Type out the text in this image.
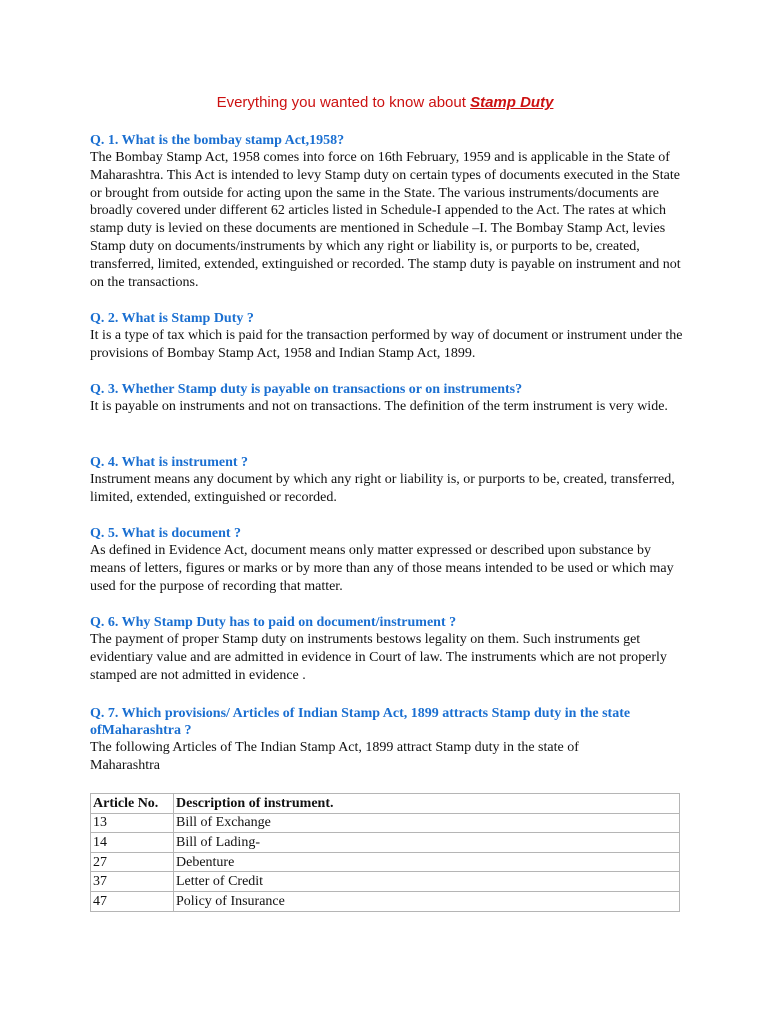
Everything you wanted to know about Stamp Duty
Q. 1. What is the bombay stamp Act,1958?

The Bombay Stamp Act, 1958 comes into force on 16th February, 1959 and is applicable in the State of Maharashtra. This Act is intended to levy Stamp duty on certain types of documents executed in the State or brought from outside for acting upon the same in the State. The various instruments/documents are broadly covered under different 62 articles listed in Schedule-I appended to the Act. The rates at which stamp duty is levied on these documents are mentioned in Schedule –I. The Bombay Stamp Act, levies Stamp duty on documents/instruments by which any right or liability is, or purports to be, created, transferred, limited, extended, extinguished or recorded. The stamp duty is payable on instrument and not on the transactions.

Q. 2. What is Stamp Duty ?

It is a type of tax which is paid for the transaction performed by way of document or instrument under the provisions of Bombay Stamp Act, 1958 and Indian Stamp Act, 1899.

Q. 3. Whether Stamp duty is payable on transactions or on instruments?

It is payable on instruments and not on transactions. The definition of the term instrument is very wide.

Q. 4. What is instrument ?

Instrument means any document by which any right or liability is, or purports to be, created, transferred, limited, extended, extinguished or recorded.

Q. 5. What is document ?

As defined in Evidence Act, document means only matter expressed or described upon substance by means of letters, figures or marks or by more than any of those means intended to be used or which may used for the purpose of recording that matter.

Q. 6. Why Stamp Duty has to paid on document/instrument ?

The payment of proper Stamp duty on instruments bestows legality on them. Such instruments get evidentiary value and are admitted in evidence in Court of law. The instruments which are not properly stamped are not admitted in evidence .

Q. 7. Which provisions/ Articles of Indian Stamp Act, 1899 attracts Stamp duty in the state ofMaharashtra ?

The following Articles of The Indian Stamp Act, 1899 attract Stamp duty in the state of Maharashtra

Article No.	Description of instrument.
13	Bill of Exchange
14	Bill of Lading-
27	Debenture
37	Letter of Credit
47	Policy of Insurance
